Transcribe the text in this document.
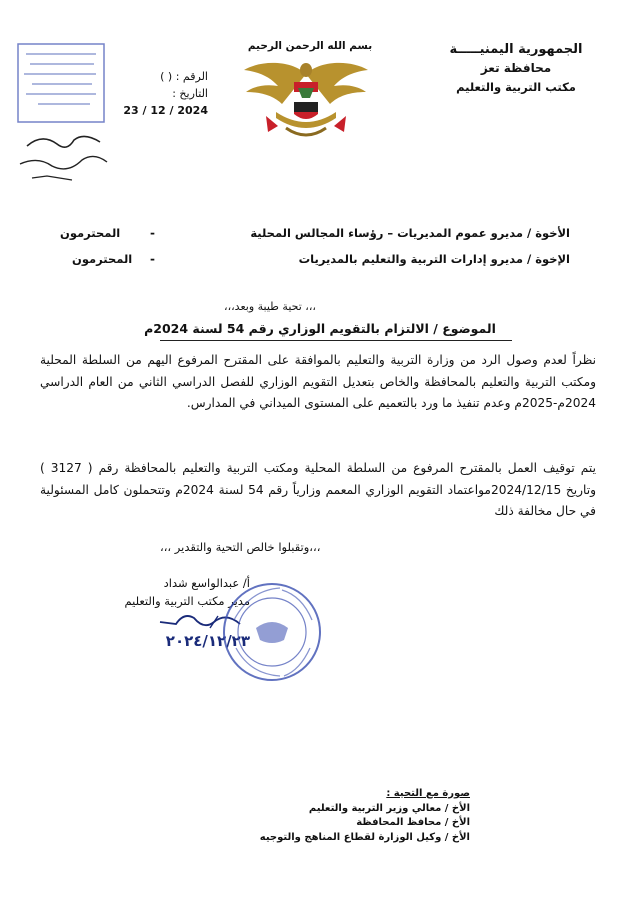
الجمهورية اليمنيـــــة
محافظة تعز
مكتب التربية والتعليم
بسم الله الرحمن الرحيم
الرقم : ( )
التاريخ : 2024 / 12 / 23
الأخوة / مديرو عموم المديريات – رؤساء المجالس المحلية
-
المحترمون
الإخوة / مديرو إدارات التربية والتعليم بالمديريات
-
المحترمون
،،، تحية طيبة وبعد،،،
الموضوع / الالتزام بالتقويم الوزاري رقم 54 لسنة 2024م
نظراً لعدم وصول الرد من وزارة التربية والتعليم بالموافقة على المقترح المرفوع اليهم من السلطة المحلية ومكتب التربية والتعليم بالمحافظة والخاص بتعديل التقويم الوزاري للفصل الدراسي الثاني من العام الدراسي 2024م-2025م وعدم تنفيذ ما ورد بالتعميم على المستوى الميداني في المدارس.
يتم توقيف العمل بالمقترح المرفوع من السلطة المحلية ومكتب التربية والتعليم بالمحافظة رقم ( 3127 ) وتاريخ 2024/12/15مواعتماد التقويم الوزاري المعمم وزارياً رقم 54 لسنة 2024م وتتحملون كامل المسئولية في حال مخالفة ذلك
،،،وتقبلوا خالص التحية والتقدير ،،،
أ/ عبدالواسع شداد
مدير مكتب التربية والتعليم
٢٠٢٤/١٢/٢٣
صورة مع التحية :
الأخ / معالي وزير التربية والتعليم
الأخ / محافظ المحافظة
الأخ / وكيل الوزارة لقطاع المناهج والتوجيه
